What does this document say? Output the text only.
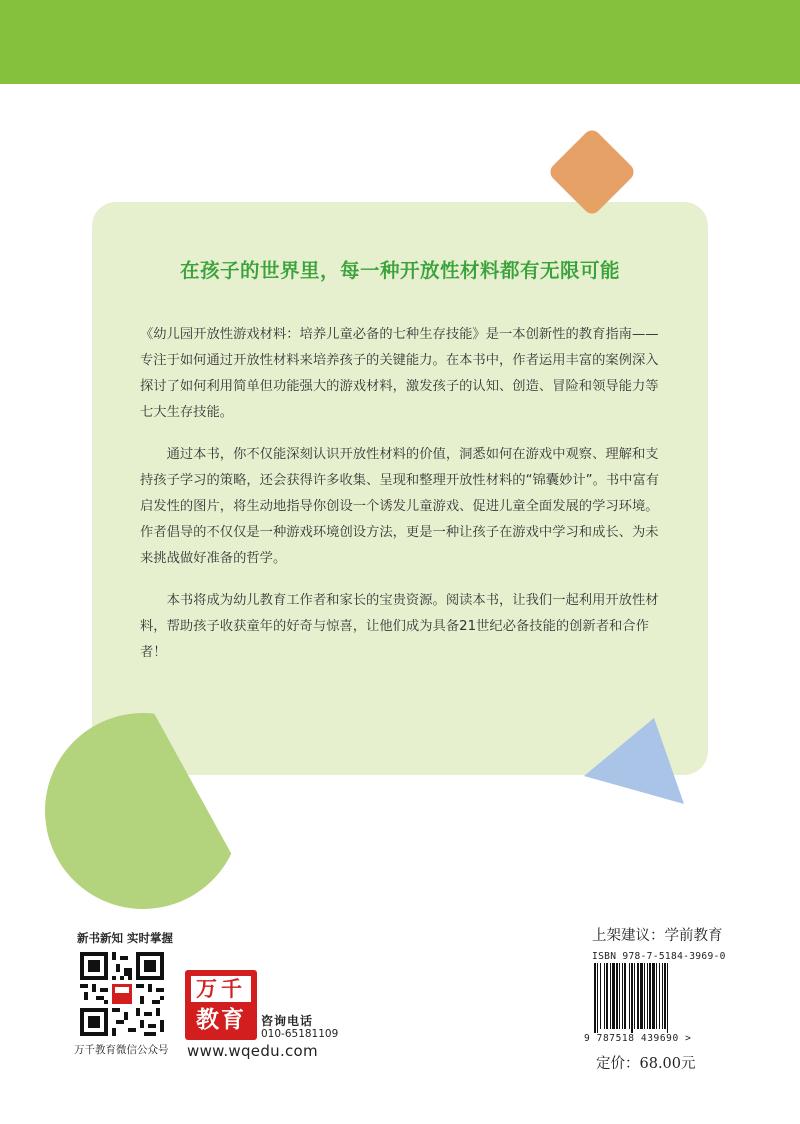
在孩子的世界里，每一种开放性材料都有无限可能

《幼儿园开放性游戏材料：培养儿童必备的七种生存技能》是一本创新性的教育指南——专注于如何通过开放性材料来培养孩子的关键能力。在本书中，作者运用丰富的案例深入探讨了如何利用简单但功能强大的游戏材料，激发孩子的认知、创造、冒险和领导能力等七大生存技能。

通过本书，你不仅能深刻认识开放性材料的价值，洞悉如何在游戏中观察、理解和支持孩子学习的策略，还会获得许多收集、呈现和整理开放性材料的“锦囊妙计”。书中富有启发性的图片，将生动地指导你创设一个诱发儿童游戏、促进儿童全面发展的学习环境。作者倡导的不仅仅是一种游戏环境创设方法，更是一种让孩子在游戏中学习和成长、为未来挑战做好准备的哲学。

本书将成为幼儿教育工作者和家长的宝贵资源。阅读本书，让我们一起利用开放性材料，帮助孩子收获童年的好奇与惊喜，让他们成为具备21世纪必备技能的创新者和合作者！

新书新知 实时掌握
万千教育微信公众号
万千
教育	咨询电话
010-65181109
www.wqedu.com
上架建议：学前教育
ISBN 978-7-5184-3969-0
9 787518 439690 >
定价：68.00元
